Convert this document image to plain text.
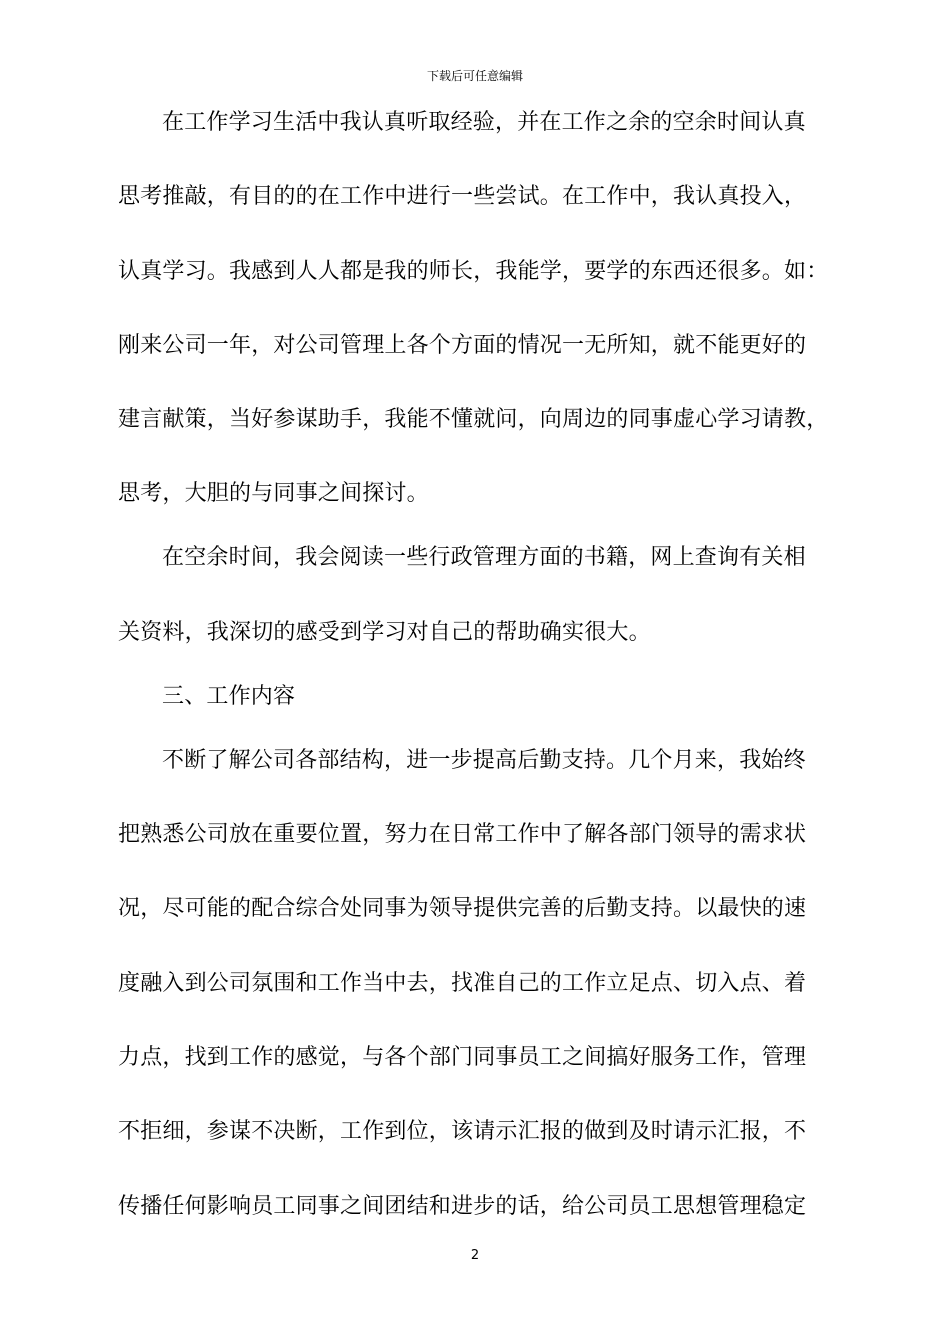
下载后可任意编辑
在工作学习生活中我认真听取经验，并在工作之余的空余时间认真
思考推敲，有目的的在工作中进行一些尝试。在工作中，我认真投入，
认真学习。我感到人人都是我的师长，我能学，要学的东西还很多。如：
刚来公司一年，对公司管理上各个方面的情况一无所知，就不能更好的
建言献策，当好参谋助手，我能不懂就问，向周边的同事虚心学习请教，
思考，大胆的与同事之间探讨。
在空余时间，我会阅读一些行政管理方面的书籍，网上查询有关相
关资料，我深切的感受到学习对自己的帮助确实很大。
三、工作内容
不断了解公司各部结构，进一步提高后勤支持。几个月来，我始终
把熟悉公司放在重要位置，努力在日常工作中了解各部门领导的需求状
况，尽可能的配合综合处同事为领导提供完善的后勤支持。以最快的速
度融入到公司氛围和工作当中去，找准自己的工作立足点、切入点、着
力点，找到工作的感觉，与各个部门同事员工之间搞好服务工作，管理
不拒细，参谋不决断，工作到位，该请示汇报的做到及时请示汇报，不
传播任何影响员工同事之间团结和进步的话，给公司员工思想管理稳定
2
